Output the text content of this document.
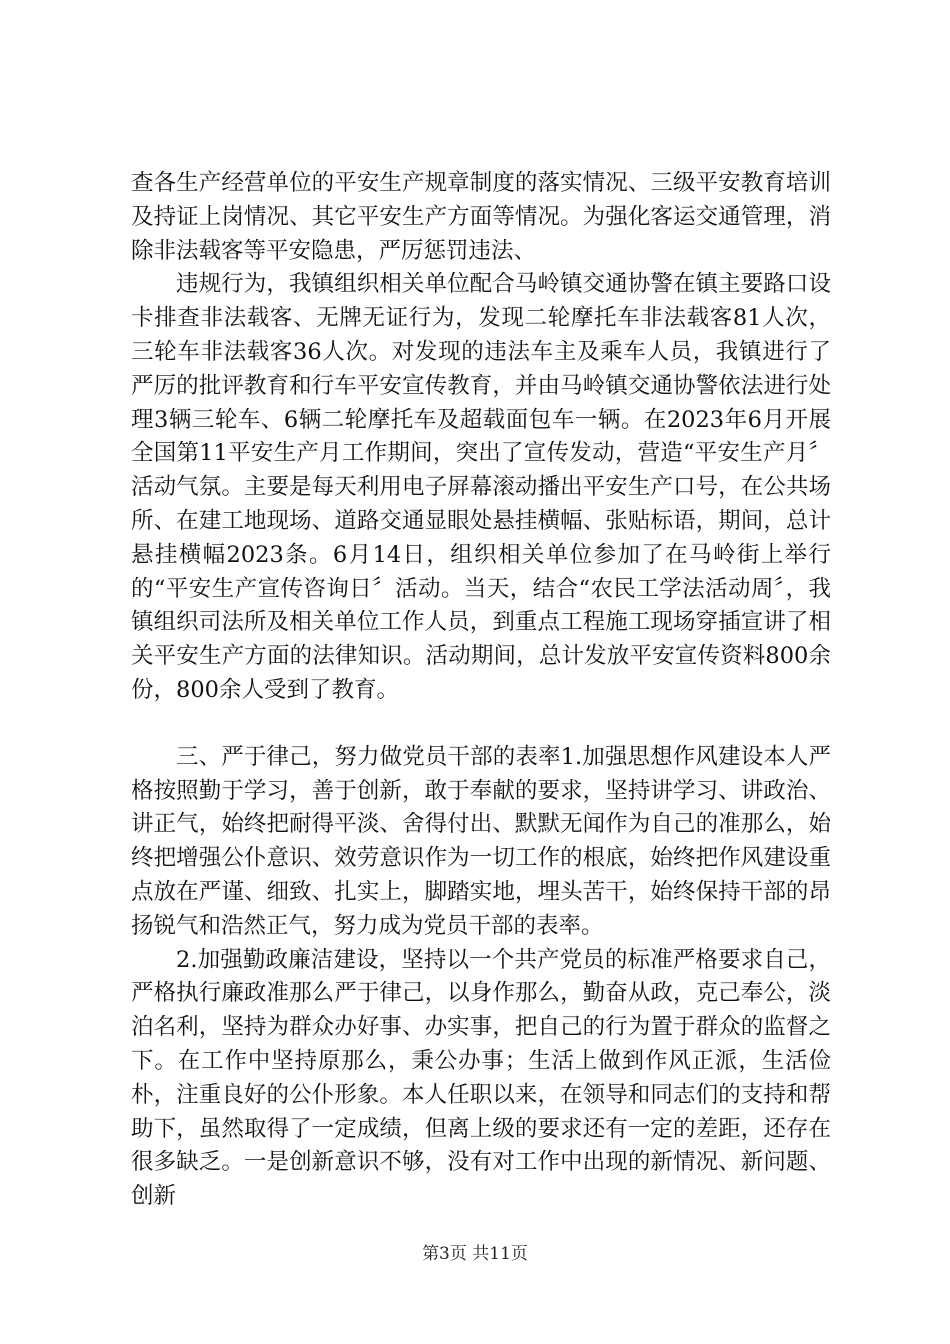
查各生产经营单位的平安生产规章制度的落实情况、三级平安教育培训及持证上岗情况、其它平安生产方面等情况。为强化客运交通管理，消除非法载客等平安隐患，严厉惩罚违法、

违规行为，我镇组织相关单位配合马岭镇交通协警在镇主要路口设卡排查非法载客、无牌无证行为，发现二轮摩托车非法载客81人次，三轮车非法载客36人次。对发现的违法车主及乘车人员，我镇进行了严厉的批评教育和行车平安宣传教育，并由马岭镇交通协警依法进行处理3辆三轮车、6辆二轮摩托车及超载面包车一辆。在2023年6月开展全国第11平安生产月工作期间，突出了宣传发动，营造“平安生产月〞活动气氛。主要是每天利用电子屏幕滚动播出平安生产口号，在公共场所、在建工地现场、道路交通显眼处悬挂横幅、张贴标语，期间，总计悬挂横幅2023条。6月14日，组织相关单位参加了在马岭街上举行的“平安生产宣传咨询日〞活动。当天，结合“农民工学法活动周〞，我镇组织司法所及相关单位工作人员，到重点工程施工现场穿插宣讲了相关平安生产方面的法律知识。活动期间，总计发放平安宣传资料800余份，800余人受到了教育。

三、严于律己，努力做党员干部的表率1.加强思想作风建设本人严格按照勤于学习，善于创新，敢于奉献的要求，坚持讲学习、讲政治、讲正气，始终把耐得平淡、舍得付出、默默无闻作为自己的准那么，始终把增强公仆意识、效劳意识作为一切工作的根底，始终把作风建设重点放在严谨、细致、扎实上，脚踏实地，埋头苦干，始终保持干部的昂扬锐气和浩然正气，努力成为党员干部的表率。

2.加强勤政廉洁建设，坚持以一个共产党员的标准严格要求自己，严格执行廉政准那么严于律己，以身作那么，勤奋从政，克己奉公，淡泊名利，坚持为群众办好事、办实事，把自己的行为置于群众的监督之下。在工作中坚持原那么，秉公办事；生活上做到作风正派，生活俭朴，注重良好的公仆形象。本人任职以来，在领导和同志们的支持和帮助下，虽然取得了一定成绩，但离上级的要求还有一定的差距，还存在很多缺乏。一是创新意识不够，没有对工作中出现的新情况、新问题、创新

第3页 共11页
